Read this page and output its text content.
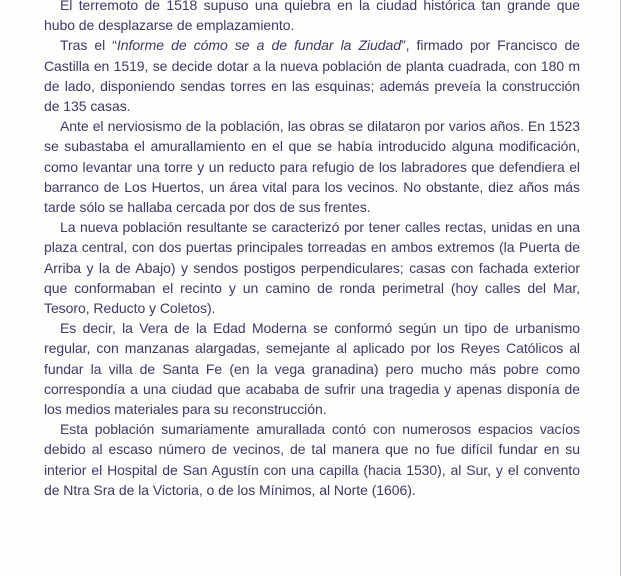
El terremoto de 1518 supuso una quiebra en la ciudad histórica tan grande que hubo de desplazarse de emplazamiento.

Tras el “Informe de cómo se a de fundar la Ziudad”, firmado por Francisco de Castilla en 1519, se decide dotar a la nueva población de planta cuadrada, con 180 m de lado, disponiendo sendas torres en las esquinas; además preveía la construcción de 135 casas.

Ante el nerviosismo de la población, las obras se dilataron por varios años. En 1523 se subastaba el amurallamiento en el que se había introducido alguna modificación, como levantar una torre y un reducto para refugio de los labradores que defendiera el barranco de Los Huertos, un área vital para los vecinos. No obstante, diez años más tarde sólo se hallaba cercada por dos de sus frentes.

La nueva población resultante se caracterizó por tener calles rectas, unidas en una plaza central, con dos puertas principales torreadas en ambos extremos (la Puerta de Arriba y la de Abajo) y sendos postigos perpendiculares; casas con fachada exterior que conformaban el recinto y un camino de ronda perimetral (hoy calles del Mar, Tesoro, Reducto y Coletos).

Es decir, la Vera de la Edad Moderna se conformó según un tipo de urbanismo regular, con manzanas alargadas, semejante al aplicado por los Reyes Católicos al fundar la villa de Santa Fe (en la vega granadina) pero mucho más pobre como correspondía a una ciudad que acababa de sufrir una tragedia y apenas disponía de los medios materiales para su reconstrucción.

Esta población sumariamente amurallada contó con numerosos espacios vacíos debido al escaso número de vecinos, de tal manera que no fue difícil fundar en su interior el Hospital de San Agustín con una capilla (hacia 1530), al Sur, y el convento de Ntra Sra de la Victoria, o de los Mínimos, al Norte (1606).
